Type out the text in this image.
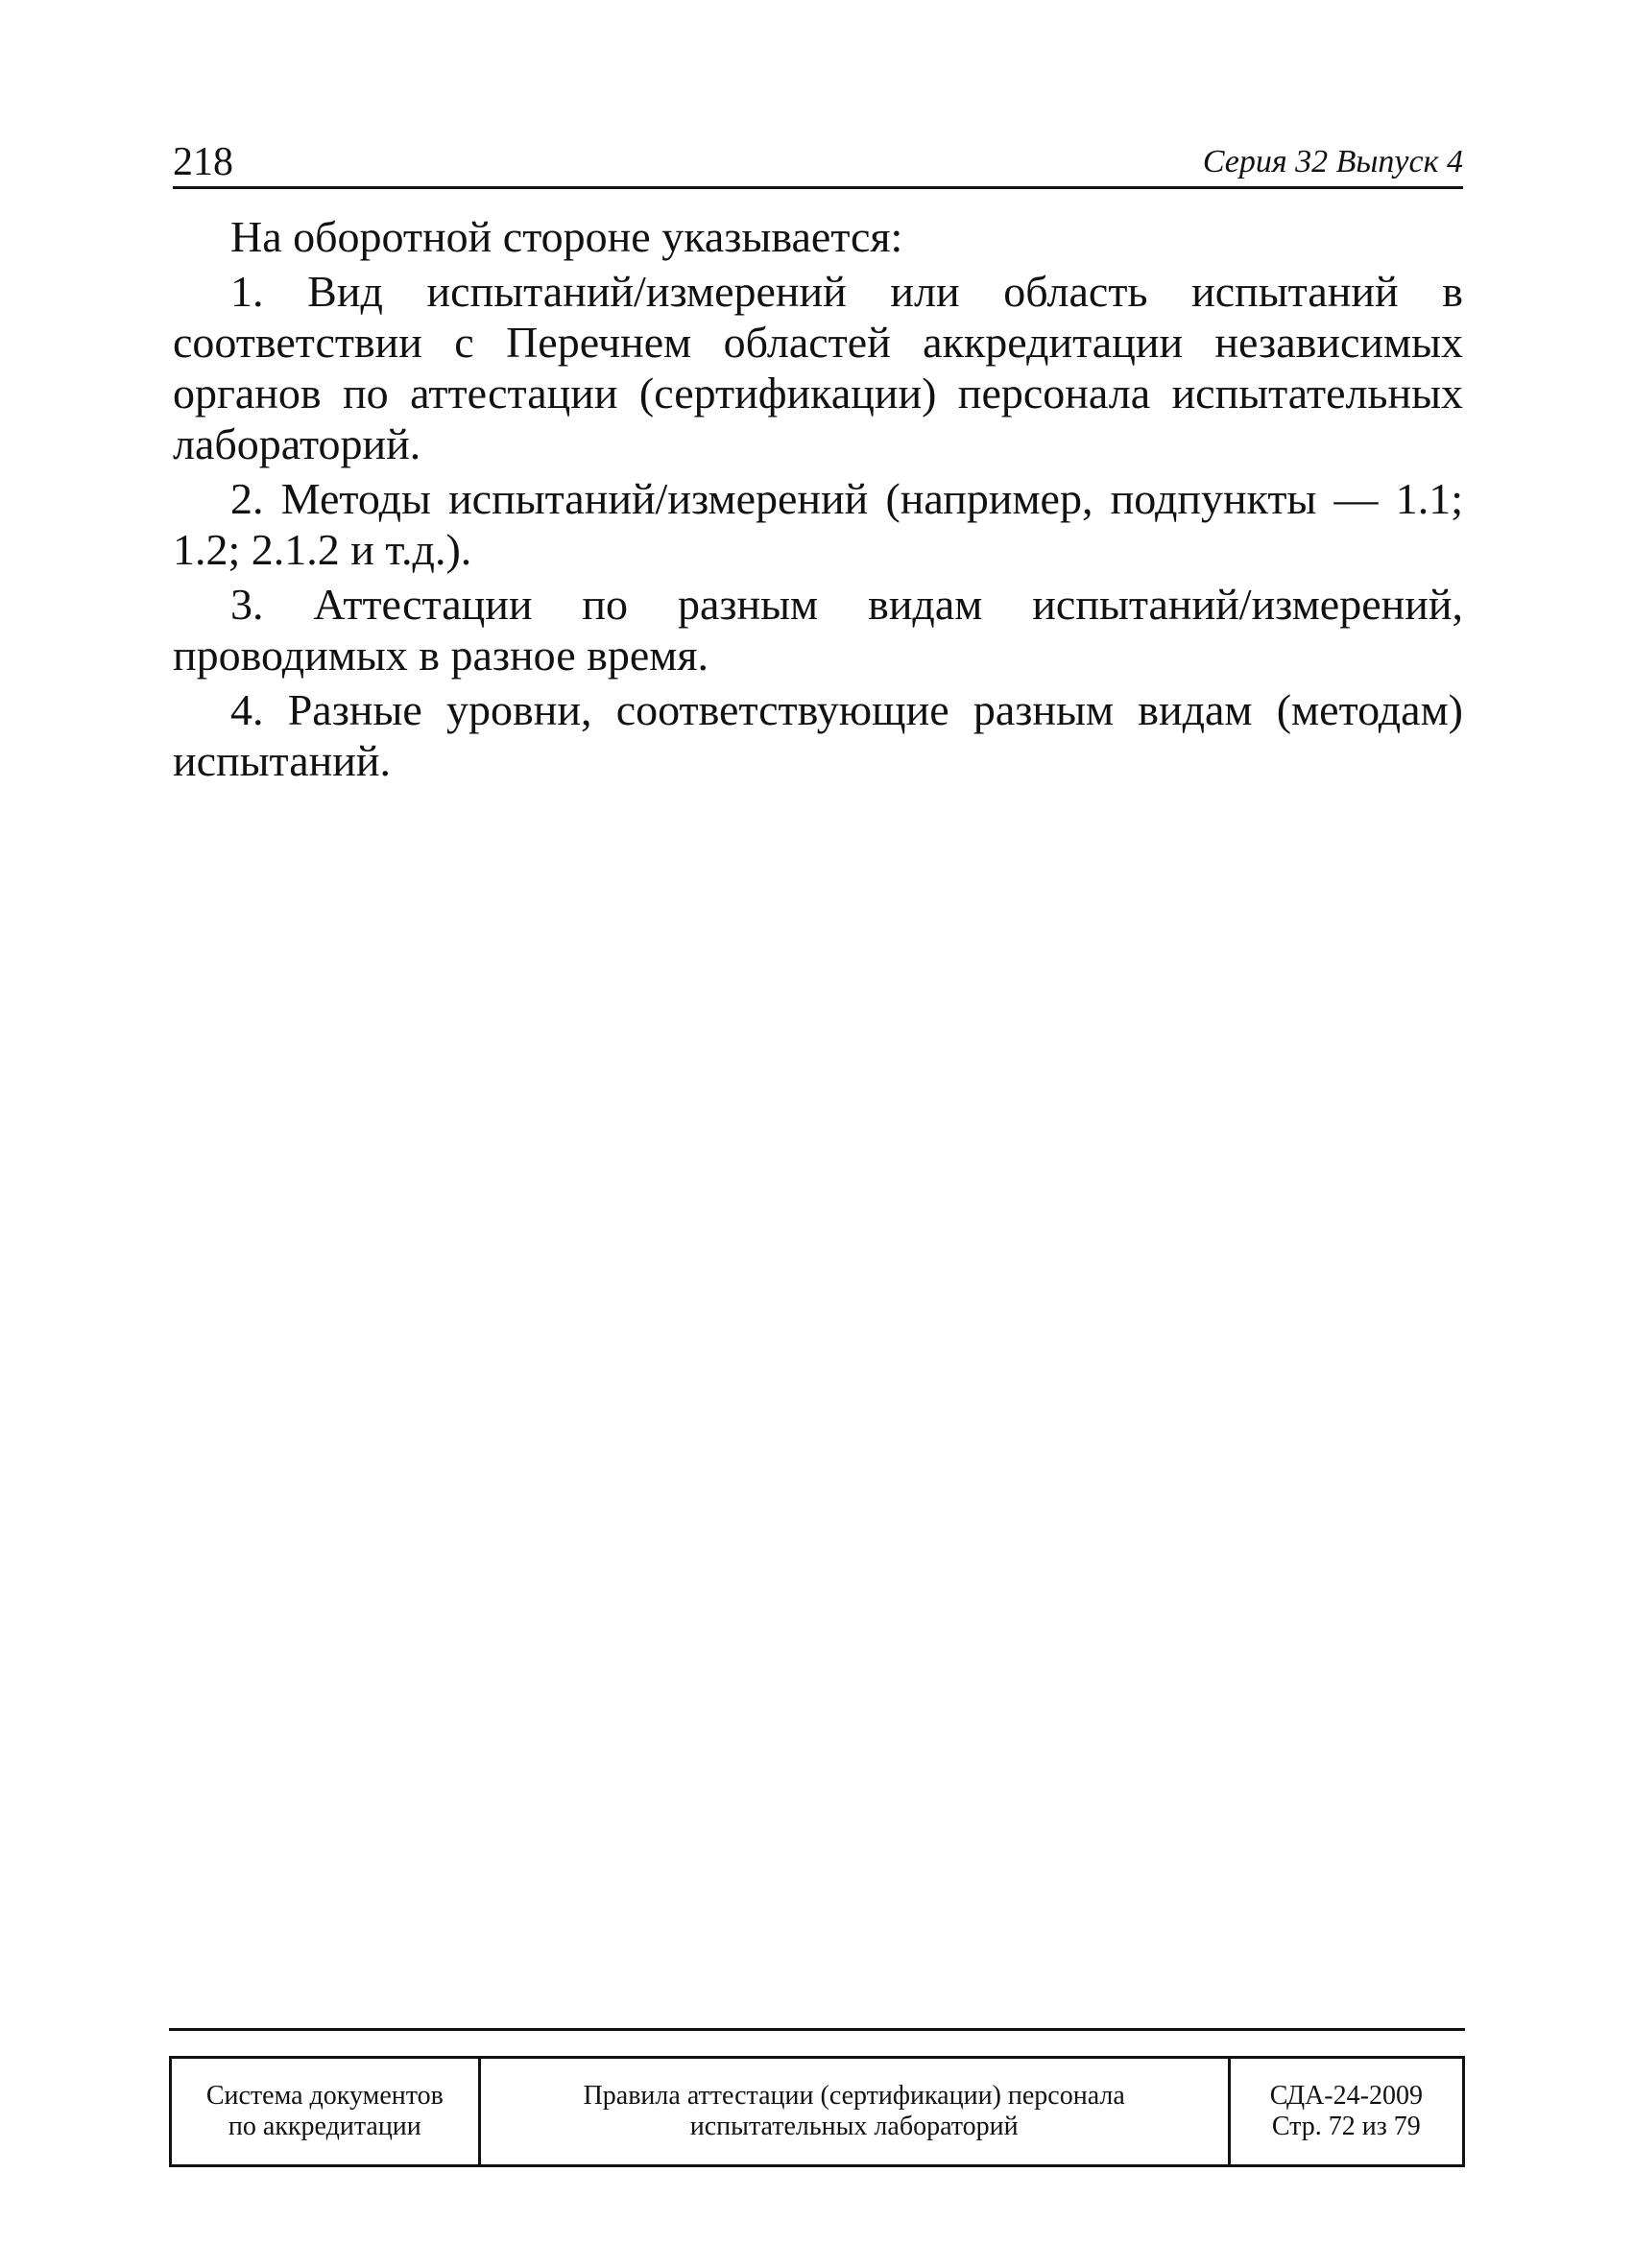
218	Серия 32 Выпуск 4

На оборотной стороне указывается:

1. Вид испытаний/измерений или область испытаний в соответствии с Перечнем областей аккредитации независимых органов по аттестации (сертификации) персонала испытательных лабораторий.

2. Методы испытаний/измерений (например, подпункты — 1.1; 1.2; 2.1.2 и т.д.).

3. Аттестации по разным видам испытаний/измерений, проводимых в разное время.

4. Разные уровни, соответствующие разным видам (методам) испытаний.

Система документов
по аккредитации

Правила аттестации (сертификации) персонала
испытательных лабораторий

СДА-24-2009
Стр. 72 из 79
